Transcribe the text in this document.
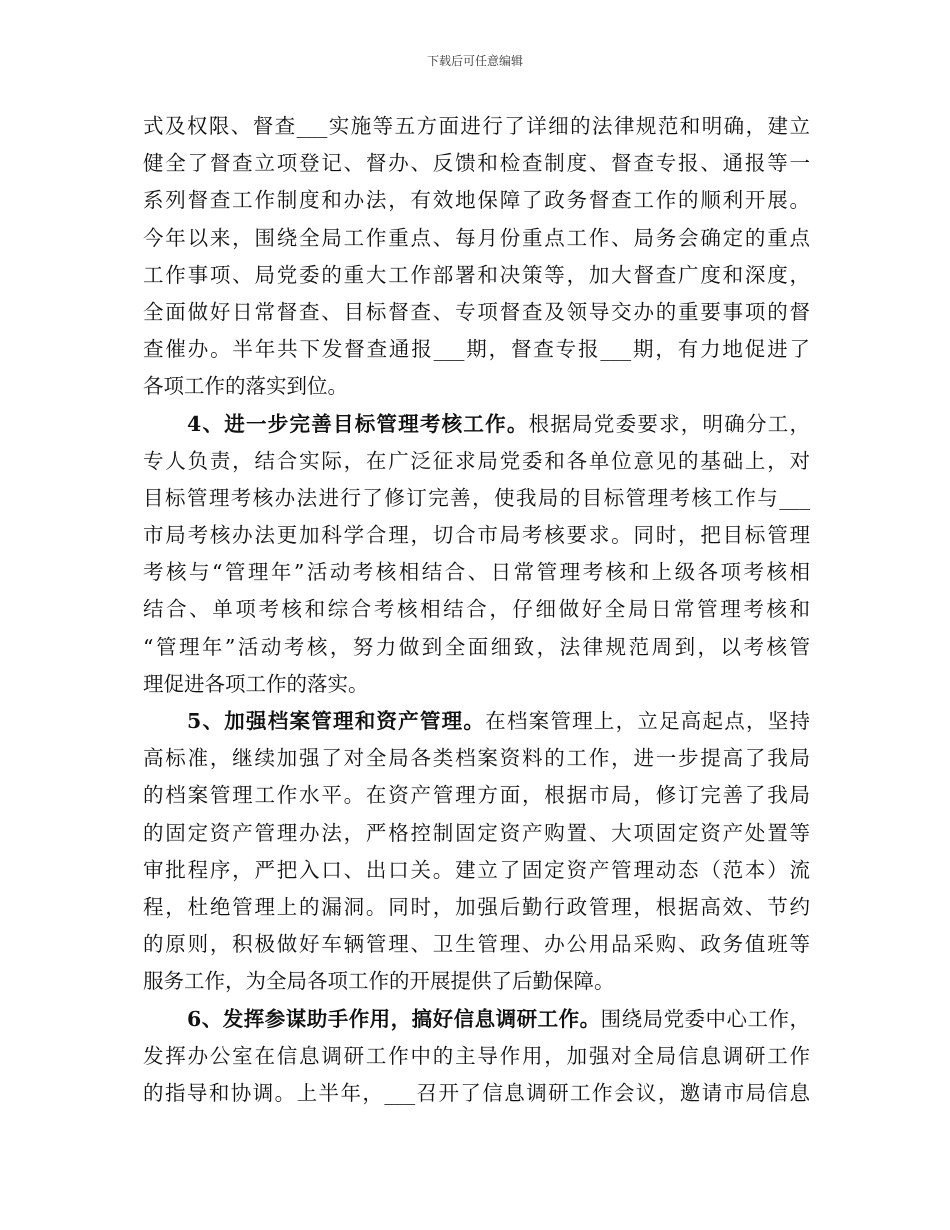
下载后可任意编辑
式及权限、督查___实施等五方面进行了详细的法律规范和明确，建立
健全了督查立项登记、督办、反馈和检查制度、督查专报、通报等一
系列督查工作制度和办法，有效地保障了政务督查工作的顺利开展。
今年以来，围绕全局工作重点、每月份重点工作、局务会确定的重点
工作事项、局党委的重大工作部署和决策等，加大督查广度和深度，
全面做好日常督查、目标督查、专项督查及领导交办的重要事项的督
查催办。半年共下发督查通报___期，督查专报___期，有力地促进了
各项工作的落实到位。
4、进一步完善目标管理考核工作。根据局党委要求，明确分工，
专人负责，结合实际，在广泛征求局党委和各单位意见的基础上，对
目标管理考核办法进行了修订完善，使我局的目标管理考核工作与___
市局考核办法更加科学合理，切合市局考核要求。同时，把目标管理
考核与“管理年”活动考核相结合、日常管理考核和上级各项考核相
结合、单项考核和综合考核相结合，仔细做好全局日常管理考核和
“管理年”活动考核，努力做到全面细致，法律规范周到，以考核管
理促进各项工作的落实。
5、加强档案管理和资产管理。在档案管理上，立足高起点，坚持
高标准，继续加强了对全局各类档案资料的工作，进一步提高了我局
的档案管理工作水平。在资产管理方面，根据市局，修订完善了我局
的固定资产管理办法，严格控制固定资产购置、大项固定资产处置等
审批程序，严把入口、出口关。建立了固定资产管理动态（范本）流
程，杜绝管理上的漏洞。同时，加强后勤行政管理，根据高效、节约
的原则，积极做好车辆管理、卫生管理、办公用品采购、政务值班等
服务工作，为全局各项工作的开展提供了后勤保障。
6、发挥参谋助手作用，搞好信息调研工作。围绕局党委中心工作，
发挥办公室在信息调研工作中的主导作用，加强对全局信息调研工作
的指导和协调。上半年，___召开了信息调研工作会议，邀请市局信息
